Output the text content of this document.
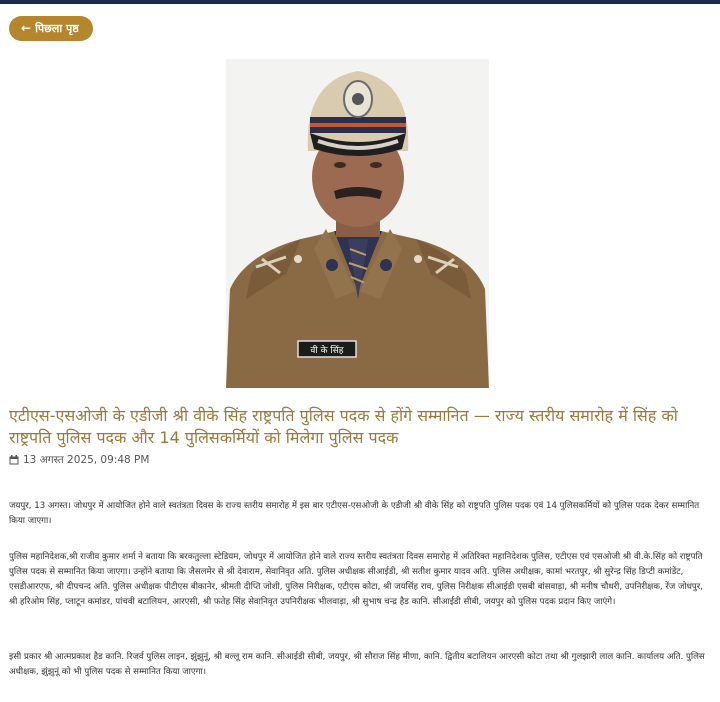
← पिछला पृष्ठ
वी के सिंह
एटीएस-एसओजी के एडीजी श्री वीके सिंह राष्ट्रपति पुलिस पदक से होंगे सम्मानित — राज्य स्तरीय समारोह में सिंह को राष्ट्रपति पुलिस पदक और 14 पुलिसकर्मियों को मिलेगा पुलिस पदक
13 अगस्त 2025, 09:48 PM

जयपुर, 13 अगस्त। जोधपुर में आयोजित होने वाले स्वतंत्रता दिवस के राज्य स्तरीय समारोह में इस बार एटीएस-एसओजी के एडीजी श्री वीके सिंह को राष्ट्रपति पुलिस पदक एवं 14 पुलिसकर्मियों को पुलिस पदक देकर सम्मानित किया जाएगा।

पुलिस महानिदेशक,श्री राजीव कुमार शर्मा ने बताया कि बरकतुल्ला स्टेडियम, जोधपुर में आयोजित होने वाले राज्य स्तरीय स्वतंत्रता दिवस समारोह में अतिरिक्त महानिदेशक पुलिस, एटीएस एवं एसओजी श्री वी.के.सिंह को राष्ट्रपति पुलिस पदक से सम्मानित किया जाएगा। उन्होंने बताया कि जैसलमेर से श्री देवाराम, सेवानिवृत अति. पुलिस अधीक्षक सीआईडी, श्री सतीश कुमार यादव अति. पुलिस अधीक्षक, कामां भरतपुर, श्री सुरेन्द्र सिंह डिप्टी कमांडेंट, एसडीआरएफ, श्री दीपचन्द अति. पुलिस अधीक्षक पीटीएस बीकानेर, श्रीमती दीप्ति जोशी, पुलिस निरीक्षक, एटीएस कोटा, श्री जयसिंह राव, पुलिस निरीक्षक सीआईडी एसबी बांसवाड़ा, श्री मनीष चौधरी, उपनिरीक्षक, रेंज जोधपुर, श्री हरिओम सिंह, प्लाटून कमांडर, पांचवी बटालियन, आरएसी, श्री फतेह सिंह सेवानिवृत उपनिरीक्षक भीलवाड़ा, श्री सुभाष चन्द्र हैड कानि. सीआईडी सीबी, जयपुर को पुलिस पदक प्रदान किए जाएंगे।

इसी प्रकार श्री आत्मप्रकाश हैड कानि. रिजर्व पुलिस लाइन, झुंझुनूं, श्री बल्लू राम कानि. सीआईडी सीबी, जयपुर, श्री सौराज सिंह मीणा, कानि. द्वितीय बटालियन आरएसी कोटा तथा श्री गुलझारी लाल कानि. कार्यालय अति. पुलिस अधीक्षक, झुंझुनूं को भी पुलिस पदक से सम्मानित किया जाएगा।
